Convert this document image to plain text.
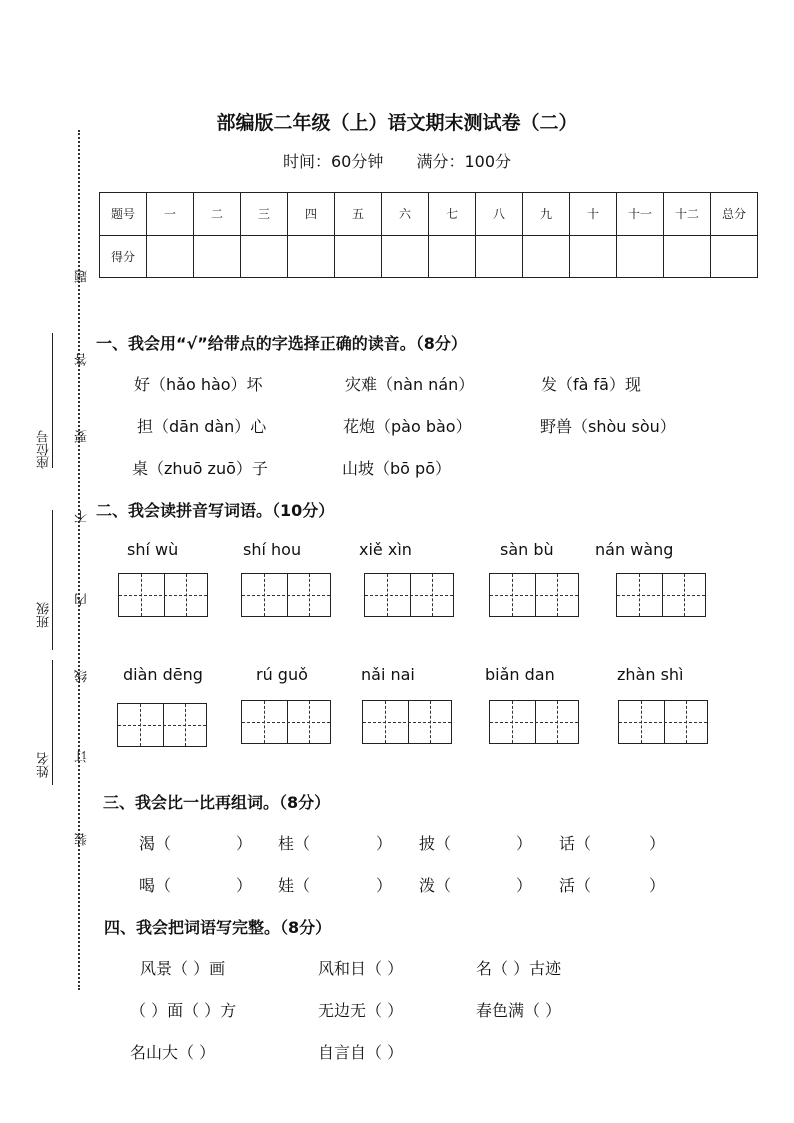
部编版二年级（上）语文期末测试卷（二）
时间：60分钟 满分：100分
题号	一	二	三	四	五	六	七	八	九	十	十一	十二	总分
得分													
题
答
要
不
内
线
订
装
座位号
班级
姓名
一、我会用“√”给带点的字选择正确的读音。（8分）
好（hǎo hào）坏	灾难（nàn nán）	发（fà fā）现
担（dān dàn）心	花炮（pào bào）	野兽（shòu sòu）
桌（zhuō zuō）子	山坡（bō pō）
二、我会读拼音写词语。（10分）
shí wù	shí hou	xiě xìn	sàn bù	nán wàng
diàn dēng	rú guǒ	nǎi nai	biǎn dan	zhàn shì
三、我会比一比再组词。（8分）
渴（	） 桂（	） 披（	） 话（	）
喝（	） 娃（	） 泼（	） 活（	）
四、我会把词语写完整。（8分）
风景（ ）画	风和日（ ）	名（ ）古迹
（ ）面（ ）方	无边无（ ）	春色满（ ）
名山大（ ）	自言自（ ）
